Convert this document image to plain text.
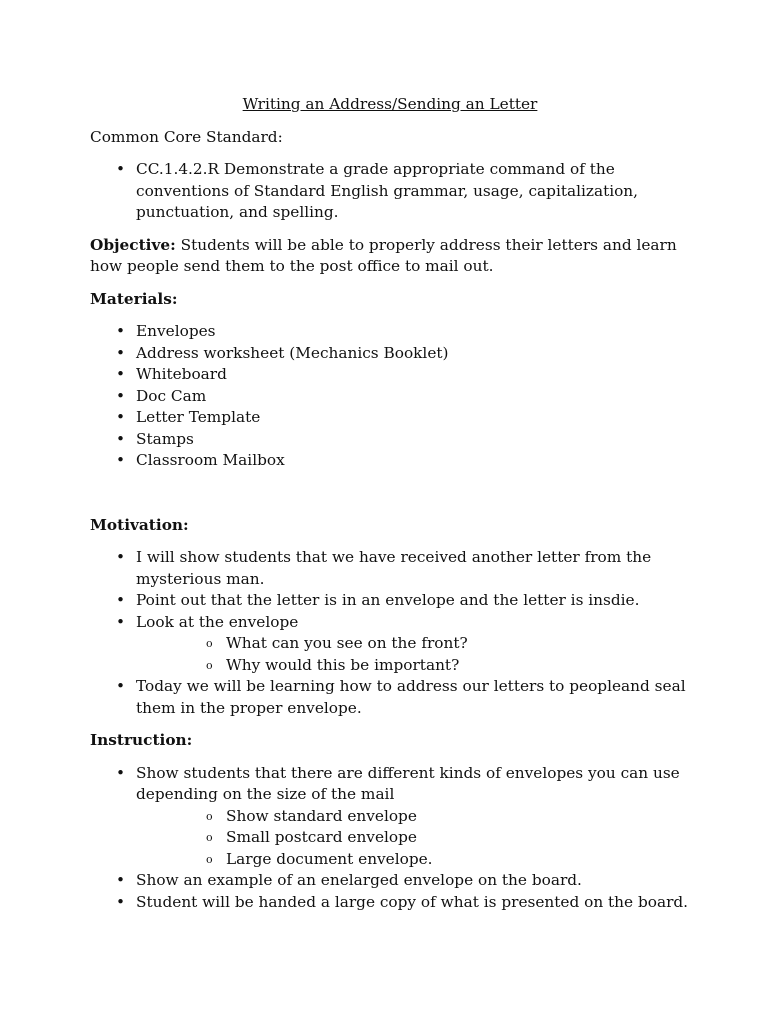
Writing an Address/Sending an Letter

Common Core Standard:

• CC.1.4.2.R Demonstrate a grade appropriate command of the conventions of Standard English grammar, usage, capitalization, punctuation, and spelling.

Objective: Students will be able to properly address their letters and learn how people send them to the post office to mail out.

Materials:

• Envelopes
• Address worksheet (Mechanics Booklet)
• Whiteboard
• Doc Cam
• Letter Template
• Stamps
• Classroom Mailbox

Motivation:

• I will show students that we have received another letter from the mysterious man.
• Point out that the letter is in an envelope and the letter is insdie.
• Look at the envelope
o What can you see on the front?
o Why would this be important?
• Today we will be learning how to address our letters to peopleand seal them in the proper envelope.

Instruction:

• Show students that there are different kinds of envelopes you can use depending on the size of the mail
o Show standard envelope
o Small postcard envelope
o Large document envelope.
• Show an example of an enelarged envelope on the board.
• Student will be handed a large copy of what is presented on the board.
